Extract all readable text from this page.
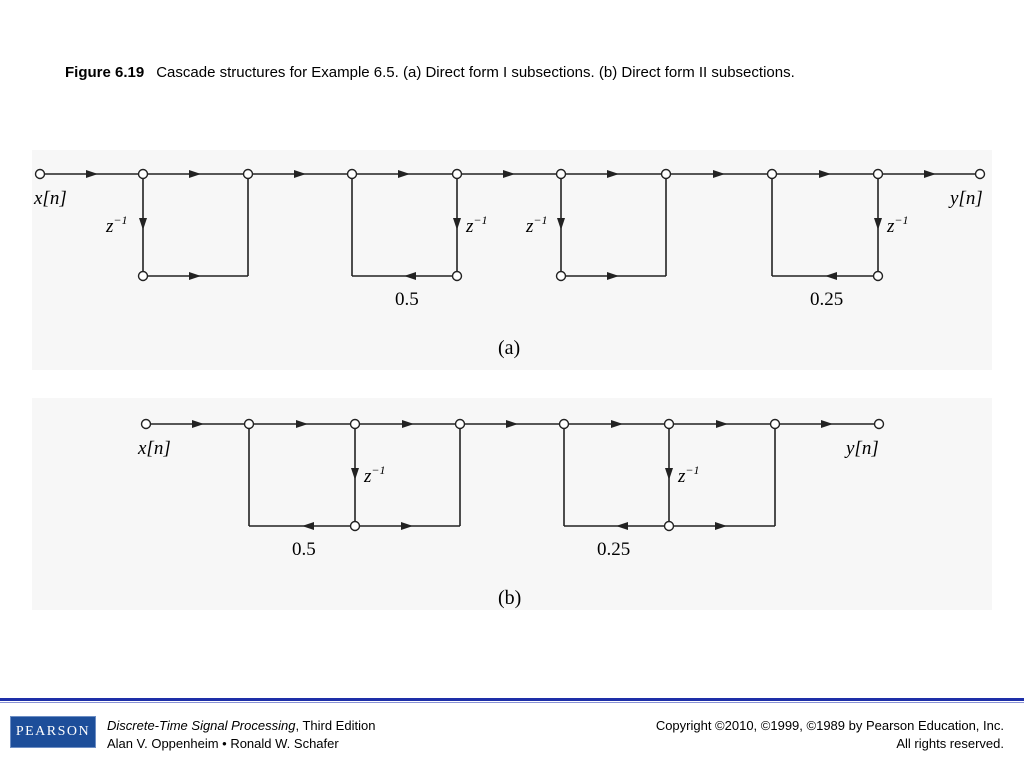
Figure 6.19 Cascade structures for Example 6.5. (a) Direct form I subsections. (b) Direct form II subsections.
x[n]	y[n]
$z^{-1}$	$z^{-1}$ $z^{-1}$	$z^{-1}$
0.5	0.25
(a)
x[n]	y[n]
$z^{-1}$	$z^{-1}$
0.5	0.25
(b)
PEARSON	Discrete-Time Signal Processing, Third Edition
Alan V. Oppenheim • Ronald W. Schafer
Copyright ©2010, ©1999, ©1989 by Pearson Education, Inc.
All rights reserved.
